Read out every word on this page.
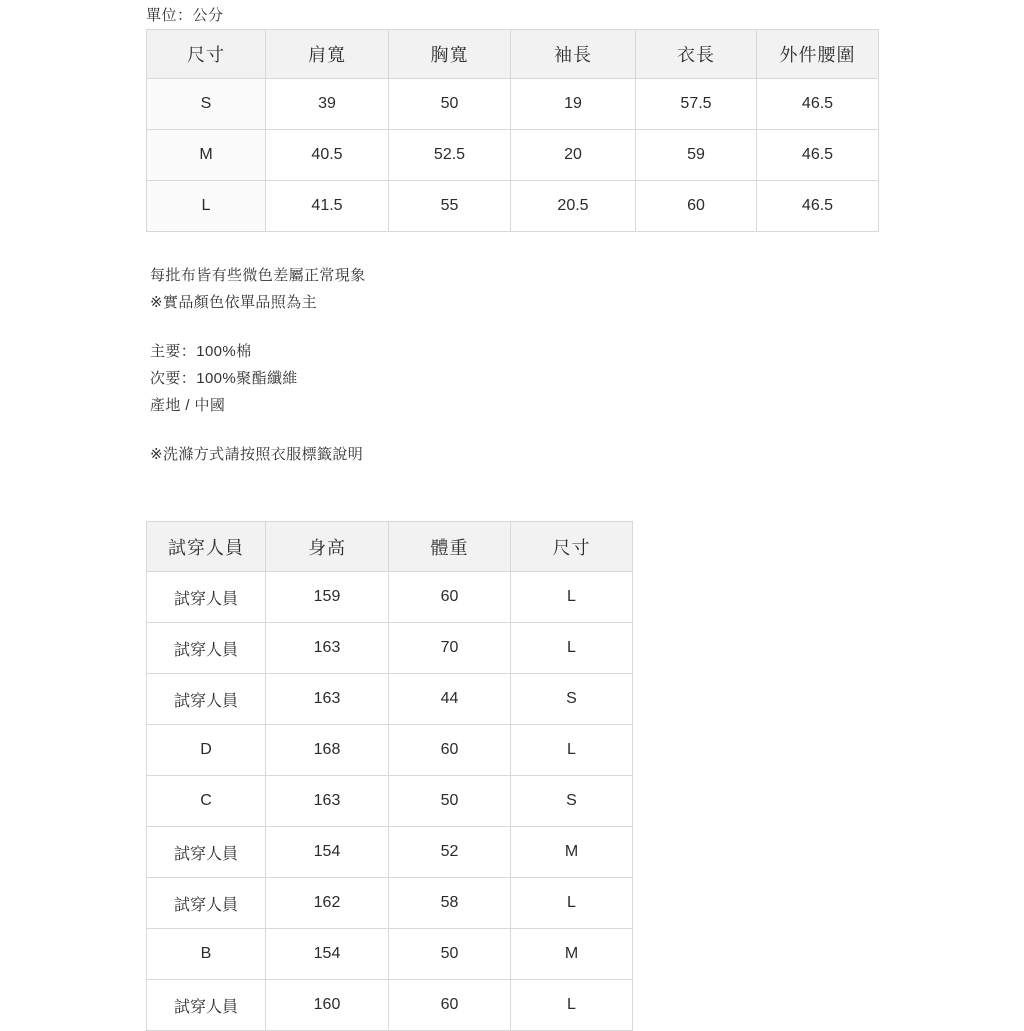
單位：公分
尺寸	肩寬	胸寬	袖長	衣長	外件腰圍
S	39	50	19	57.5	46.5
M	40.5	52.5	20	59	46.5
L	41.5	55	20.5	60	46.5
每批布皆有些微色差屬正常現象
※實品顏色依單品照為主
主要：100%棉
次要：100%聚酯纖維
產地 / 中國
※洗滌方式請按照衣服標籤說明
試穿人員	身高	體重	尺寸
試穿人員	159	60	L
試穿人員	163	70	L
試穿人員	163	44	S
D	168	60	L
C	163	50	S
試穿人員	154	52	M
試穿人員	162	58	L
B	154	50	M
試穿人員	160	60	L
